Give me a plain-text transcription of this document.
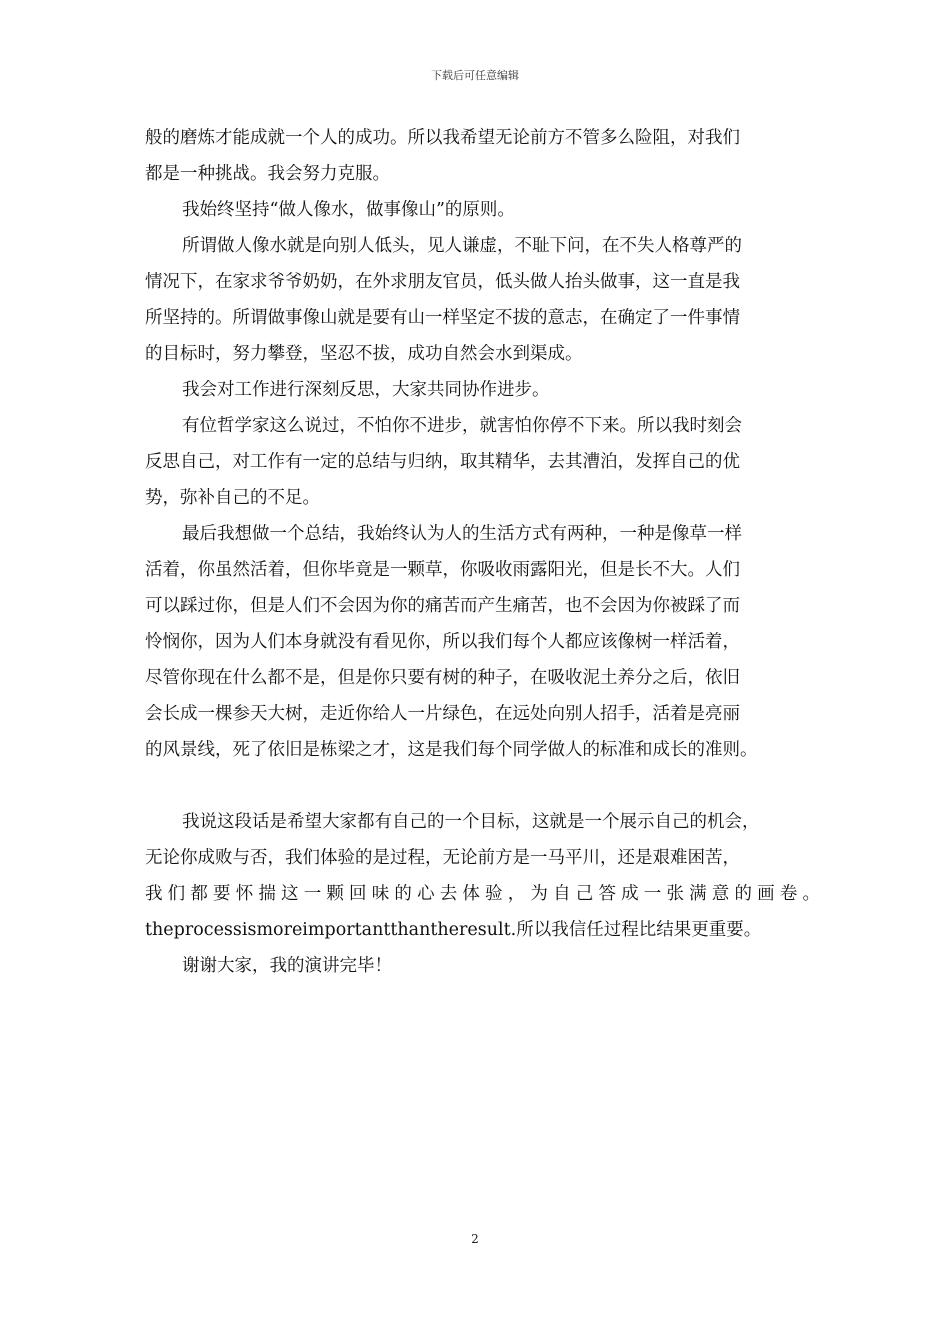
下载后可任意编辑
般的磨炼才能成就一个人的成功。所以我希望无论前方不管多么险阻，对我们
都是一种挑战。我会努力克服。
我始终坚持“做人像水，做事像山”的原则。
所谓做人像水就是向别人低头，见人谦虚，不耻下问，在不失人格尊严的
情况下，在家求爷爷奶奶，在外求朋友官员，低头做人抬头做事，这一直是我
所坚持的。所谓做事像山就是要有山一样坚定不拔的意志，在确定了一件事情
的目标时，努力攀登，坚忍不拔，成功自然会水到渠成。
我会对工作进行深刻反思，大家共同协作进步。
有位哲学家这么说过，不怕你不进步，就害怕你停不下来。所以我时刻会
反思自己，对工作有一定的总结与归纳，取其精华，去其漕泊，发挥自己的优
势，弥补自己的不足。
最后我想做一个总结，我始终认为人的生活方式有两种，一种是像草一样
活着，你虽然活着，但你毕竟是一颗草，你吸收雨露阳光，但是长不大。人们
可以踩过你，但是人们不会因为你的痛苦而产生痛苦，也不会因为你被踩了而
怜悯你，因为人们本身就没有看见你，所以我们每个人都应该像树一样活着，
尽管你现在什么都不是，但是你只要有树的种子，在吸收泥土养分之后，依旧
会长成一棵参天大树，走近你给人一片绿色，在远处向别人招手，活着是亮丽
的风景线，死了依旧是栋梁之才，这是我们每个同学做人的标准和成长的准则。
我说这段话是希望大家都有自己的一个目标，这就是一个展示自己的机会，
无论你成败与否，我们体验的是过程，无论前方是一马平川，还是艰难困苦，
我们都要怀揣这一颗回味的心去体验，为自己答成一张满意的画卷。
theprocessismoreimportantthantheresult.所以我信任过程比结果更重要。
谢谢大家，我的演讲完毕！
2
